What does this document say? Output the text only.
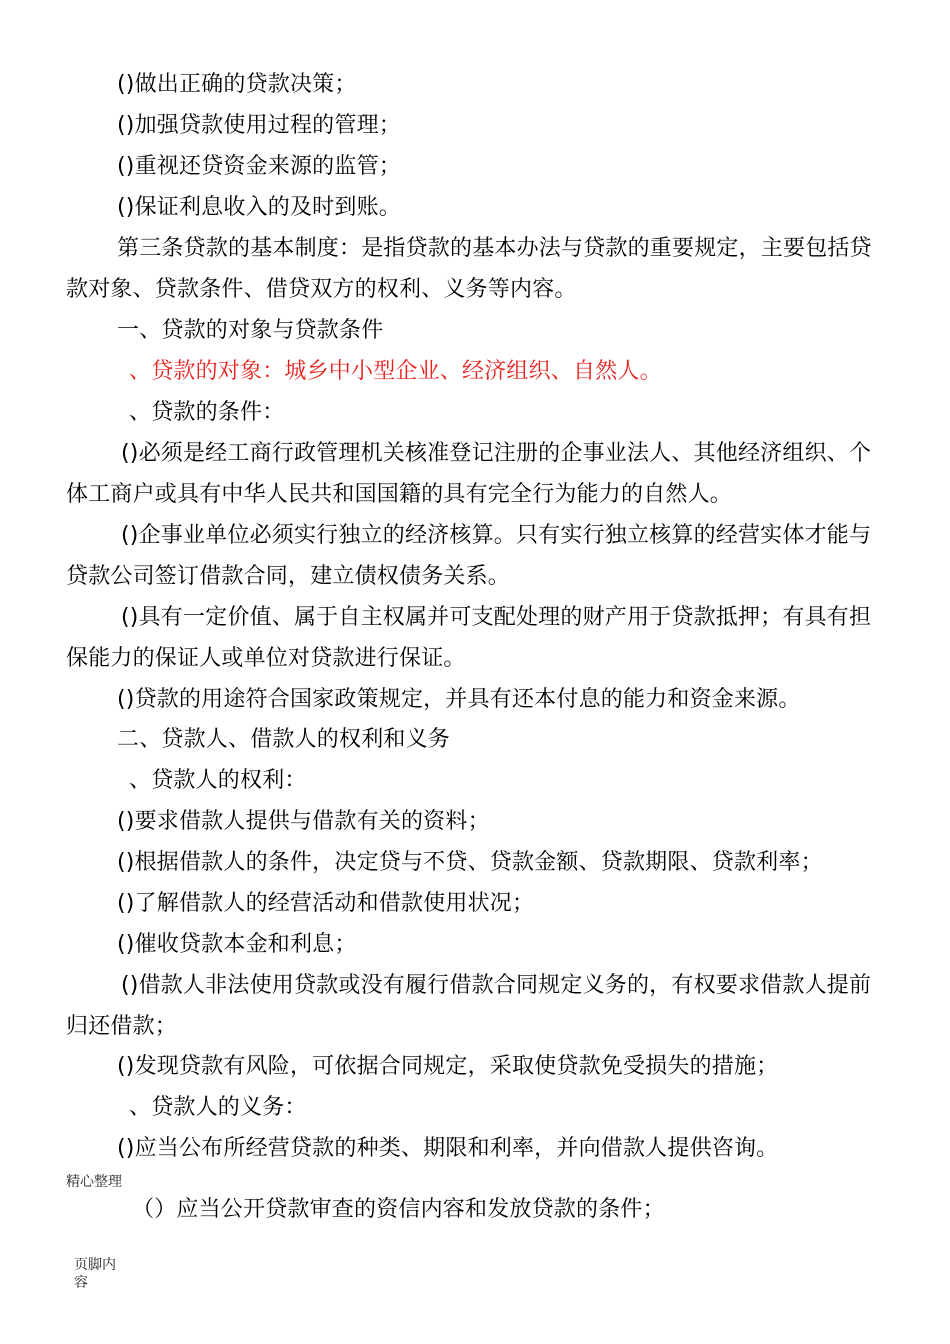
()做出正确的贷款决策；
()加强贷款使用过程的管理；
()重视还贷资金来源的监管；
()保证利息收入的及时到账。
第三条贷款的基本制度：是指贷款的基本办法与贷款的重要规定，主要包括贷
款对象、贷款条件、借贷双方的权利、义务等内容。
一、贷款的对象与贷款条件
、贷款的对象：城乡中小型企业、经济组织、自然人。
、贷款的条件：
()必须是经工商行政管理机关核准登记注册的企事业法人、其他经济组织、个
体工商户或具有中华人民共和国国籍的具有完全行为能力的自然人。
()企事业单位必须实行独立的经济核算。只有实行独立核算的经营实体才能与
贷款公司签订借款合同，建立债权债务关系。
()具有一定价值、属于自主权属并可支配处理的财产用于贷款抵押；有具有担
保能力的保证人或单位对贷款进行保证。
()贷款的用途符合国家政策规定，并具有还本付息的能力和资金来源。
二、贷款人、借款人的权利和义务
、贷款人的权利：
()要求借款人提供与借款有关的资料；
()根据借款人的条件，决定贷与不贷、贷款金额、贷款期限、贷款利率；
()了解借款人的经营活动和借款使用状况；
()催收贷款本金和利息；
()借款人非法使用贷款或没有履行借款合同规定义务的，有权要求借款人提前
归还借款；
()发现贷款有风险，可依据合同规定，采取使贷款免受损失的措施；
、贷款人的义务：
()应当公布所经营贷款的种类、期限和利率，并向借款人提供咨询。
精心整理
（）应当公开贷款审查的资信内容和发放贷款的条件；
页脚内
容
